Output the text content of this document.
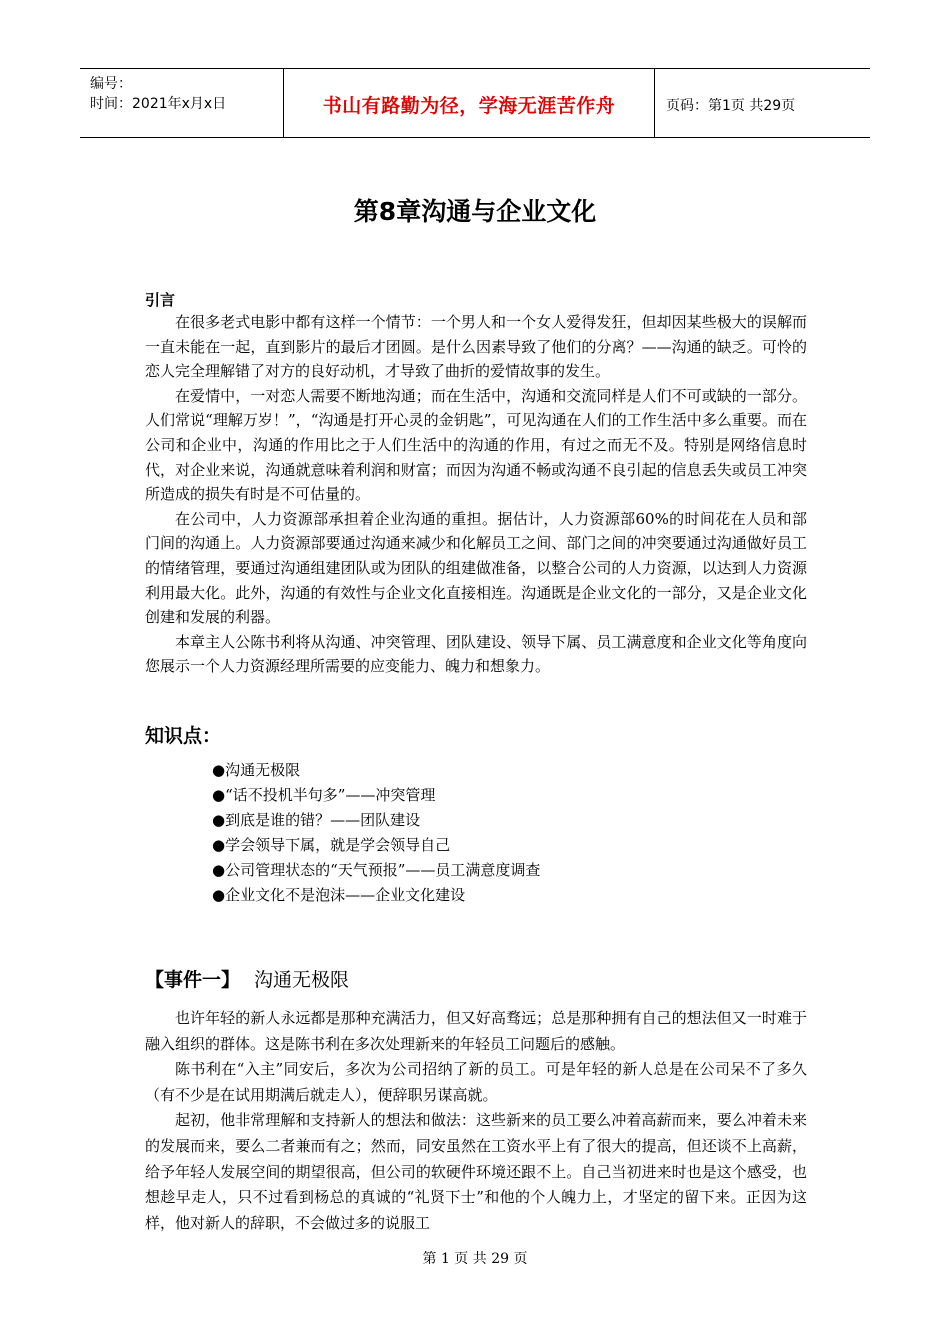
编号：
时间：2021年x月x日	书山有路勤为径，学海无涯苦作舟	页码：第1页 共29页
第8章沟通与企业文化
引言

在很多老式电影中都有这样一个情节：一个男人和一个女人爱得发狂，但却因某些极大的误解而一直未能在一起，直到影片的最后才团圆。是什么因素导致了他们的分离？——沟通的缺乏。可怜的恋人完全理解错了对方的良好动机，才导致了曲折的爱情故事的发生。

在爱情中，一对恋人需要不断地沟通；而在生活中，沟通和交流同样是人们不可或缺的一部分。人们常说“理解万岁！”，“沟通是打开心灵的金钥匙”，可见沟通在人们的工作生活中多么重要。而在公司和企业中，沟通的作用比之于人们生活中的沟通的作用，有过之而无不及。特别是网络信息时代，对企业来说，沟通就意味着利润和财富；而因为沟通不畅或沟通不良引起的信息丢失或员工冲突所造成的损失有时是不可估量的。

在公司中，人力资源部承担着企业沟通的重担。据估计，人力资源部60%的时间花在人员和部门间的沟通上。人力资源部要通过沟通来减少和化解员工之间、部门之间的冲突要通过沟通做好员工的情绪管理，要通过沟通组建团队或为团队的组建做准备，以整合公司的人力资源，以达到人力资源利用最大化。此外，沟通的有效性与企业文化直接相连。沟通既是企业文化的一部分，又是企业文化创建和发展的利器。

本章主人公陈书利将从沟通、冲突管理、团队建设、领导下属、员工满意度和企业文化等角度向您展示一个人力资源经理所需要的应变能力、魄力和想象力。

知识点：
●沟通无极限
●“话不投机半句多”——冲突管理
●到底是谁的错？——团队建设
●学会领导下属，就是学会领导自己
●公司管理状态的“天气预报”——员工满意度调查
●企业文化不是泡沫——企业文化建设
【事件一】 沟通无极限

也许年轻的新人永远都是那种充满活力，但又好高骛远；总是那种拥有自己的想法但又一时难于融入组织的群体。这是陈书利在多次处理新来的年轻员工问题后的感触。

陈书利在“入主”同安后，多次为公司招纳了新的员工。可是年轻的新人总是在公司呆不了多久（有不少是在试用期满后就走人），便辞职另谋高就。

起初，他非常理解和支持新人的想法和做法：这些新来的员工要么冲着高薪而来，要么冲着未来的发展而来，要么二者兼而有之；然而，同安虽然在工资水平上有了很大的提高，但还谈不上高薪，给予年轻人发展空间的期望很高，但公司的软硬件环境还跟不上。自己当初进来时也是这个感受，也想趁早走人，只不过看到杨总的真诚的“礼贤下士”和他的个人魄力上，才坚定的留下来。正因为这样，他对新人的辞职，不会做过多的说服工

第 1 页 共 29 页
